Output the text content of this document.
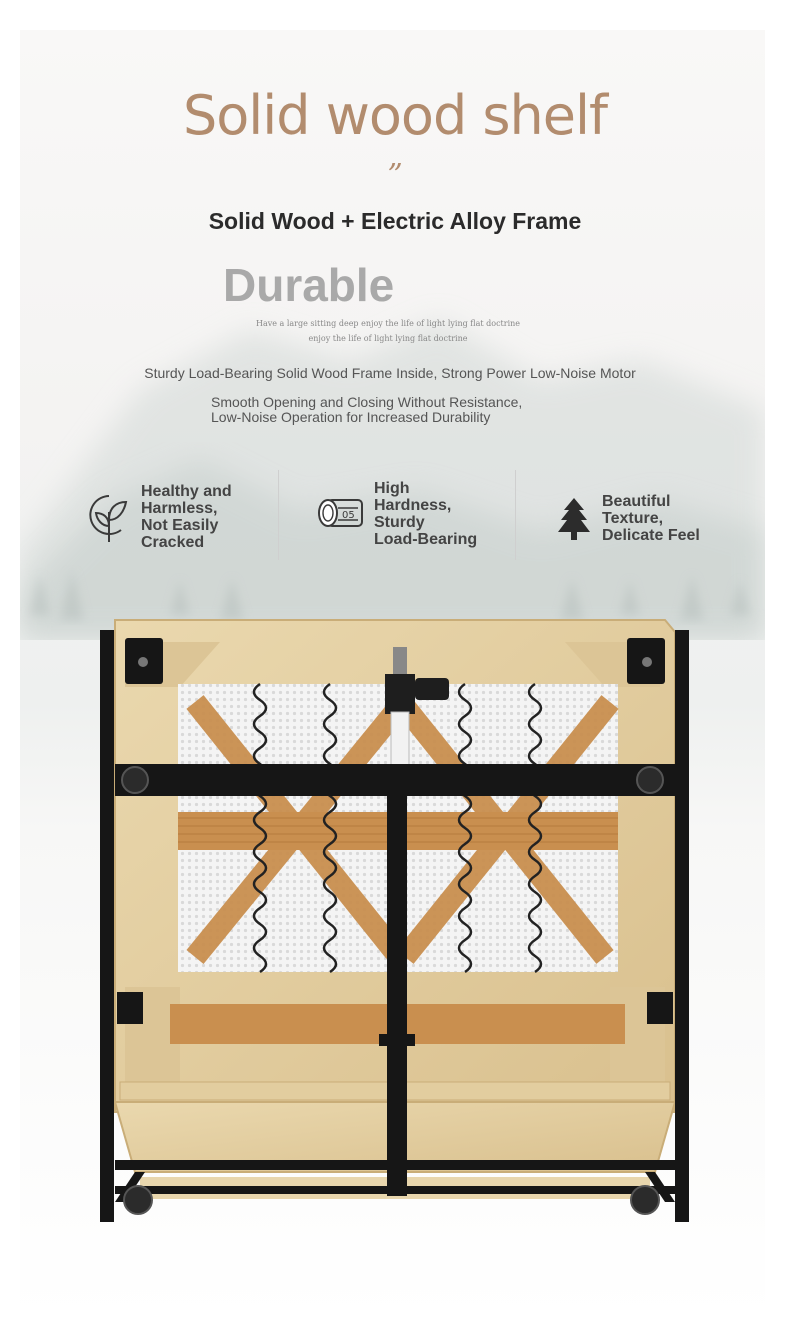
Solid wood shelf
”
Solid Wood + Electric Alloy Frame
Durable
Have a large sitting deep enjoy the life of light lying flat doctrine
enjoy the life of light lying flat doctrine
Sturdy Load-Bearing Solid Wood Frame Inside, Strong Power Low-Noise Motor
Smooth Opening and Closing Without Resistance,
Low-Noise Operation for Increased Durability
Healthy and
Harmless,
Not Easily
Cracked
05
High
Hardness,
Sturdy
Load-Bearing
Beautiful
Texture,
Delicate Feel
